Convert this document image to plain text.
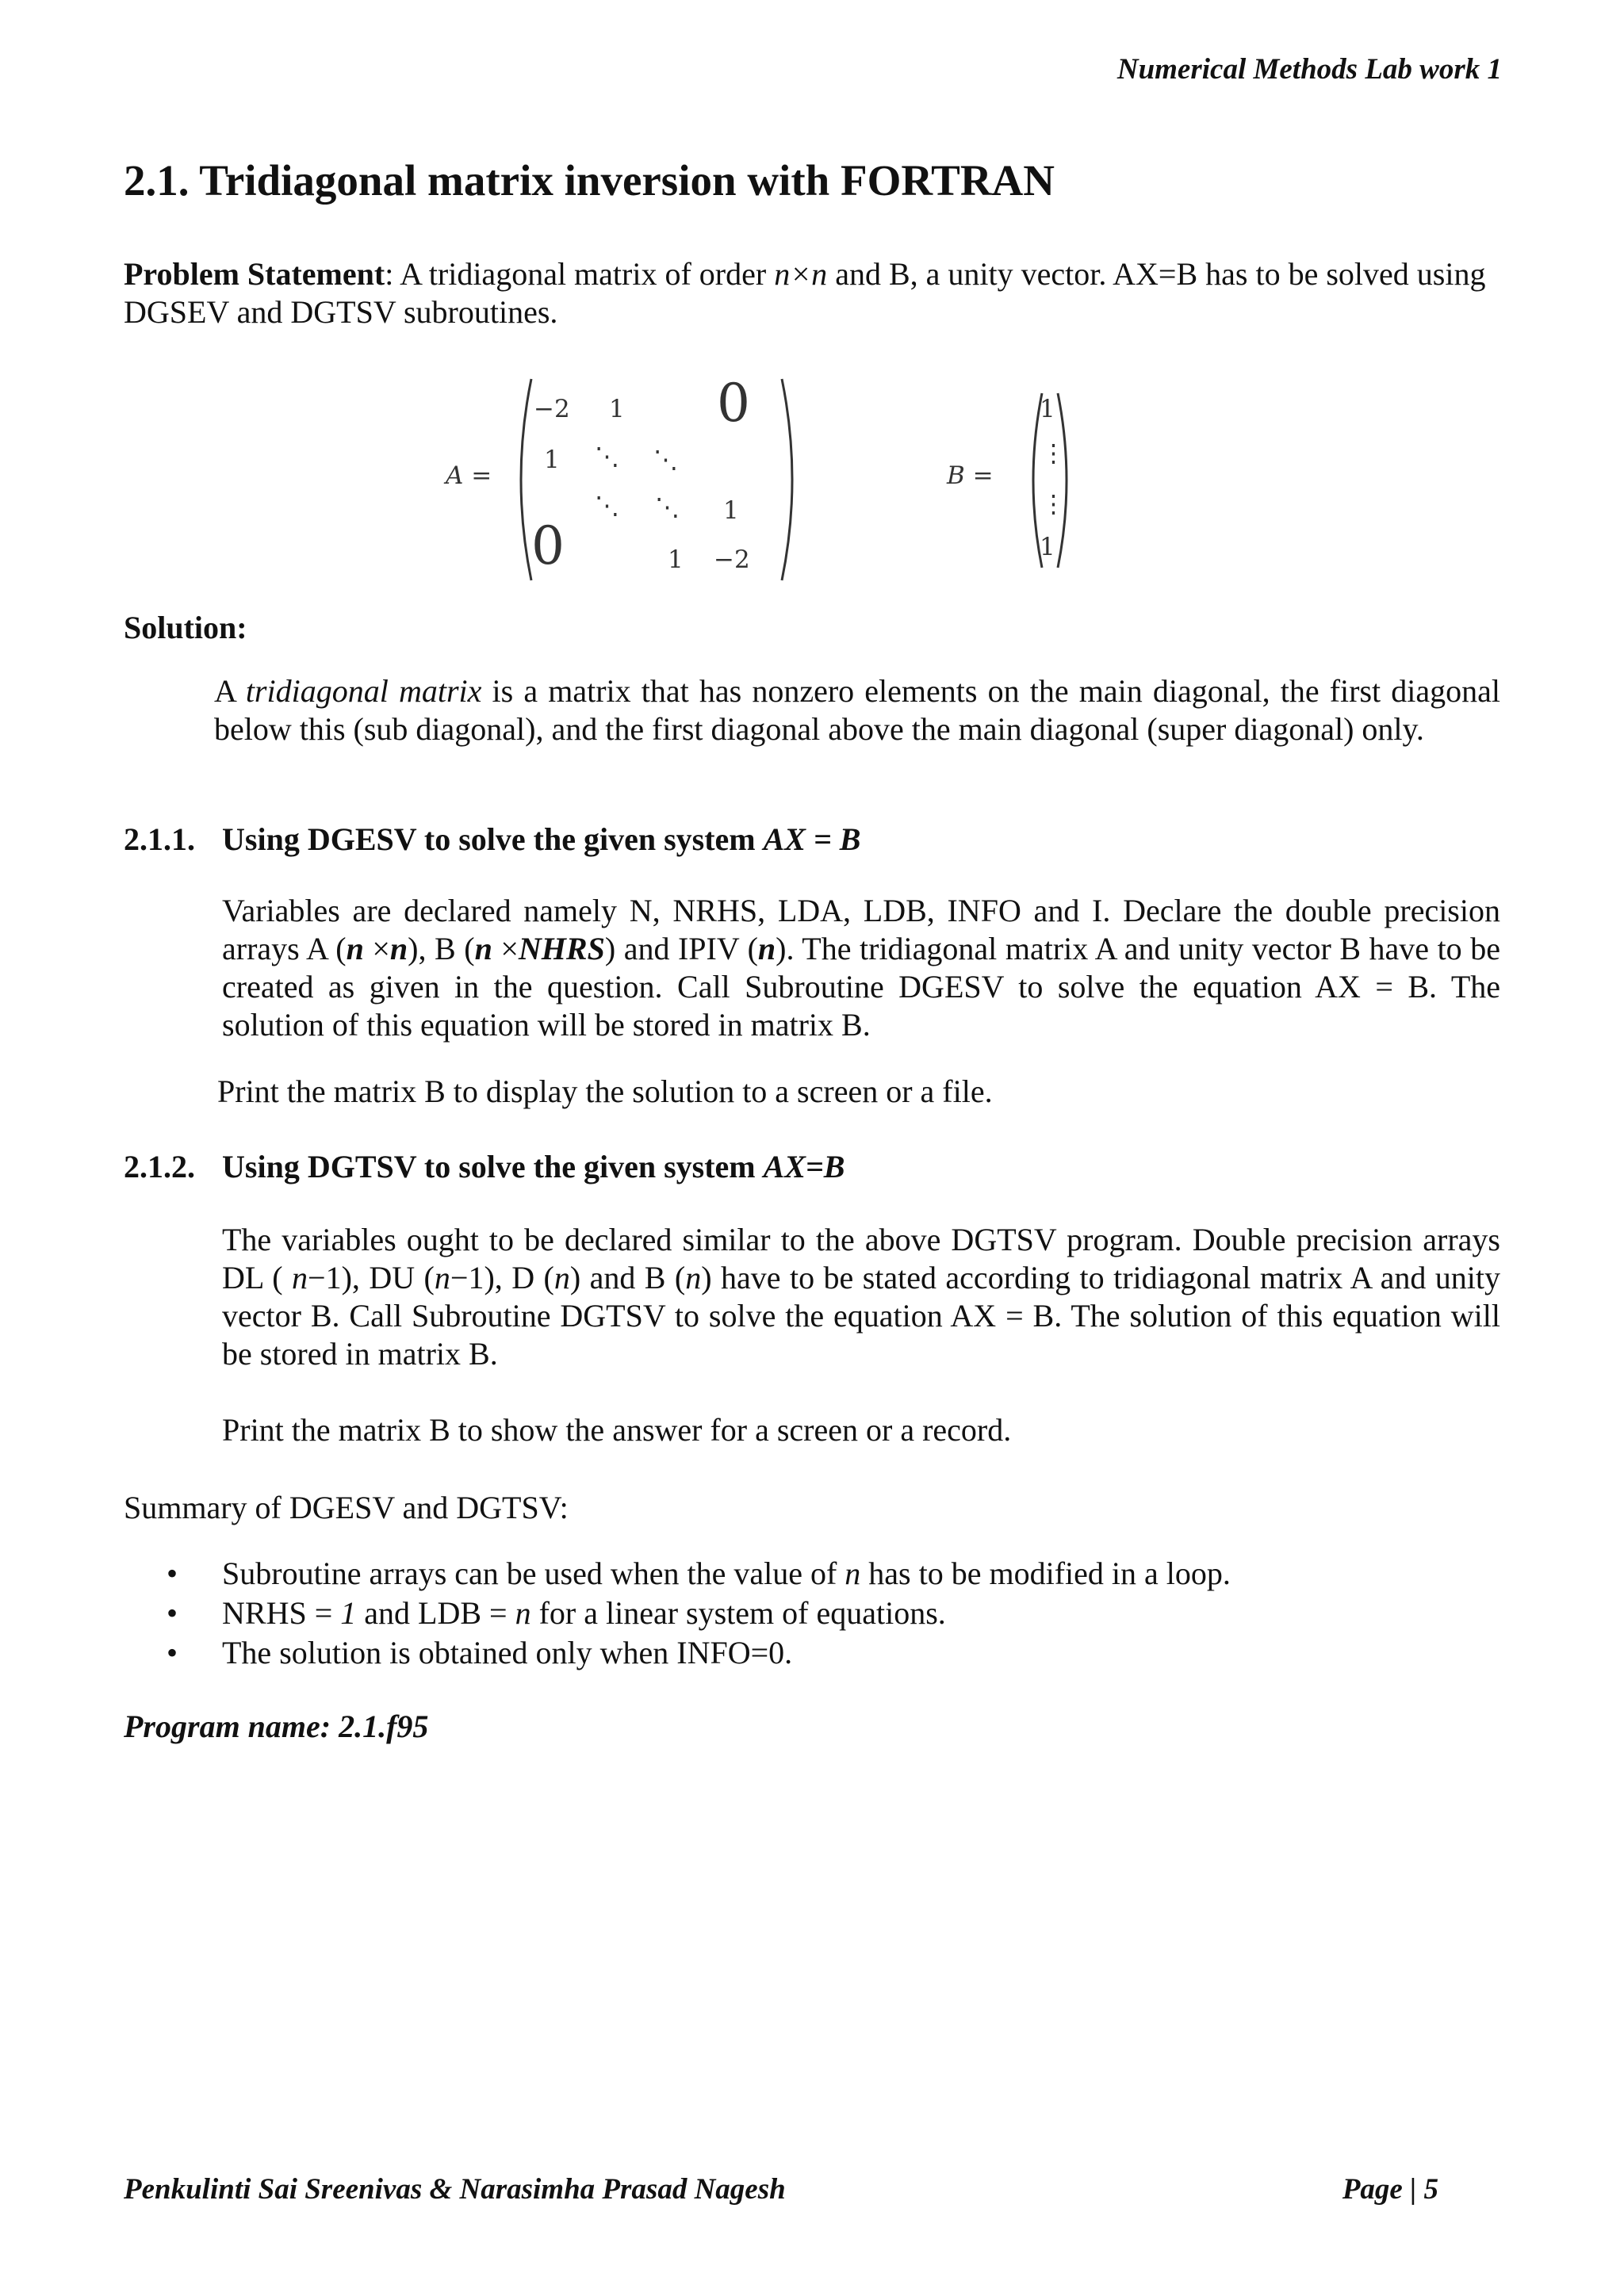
Numerical Methods Lab work 1
2.1. Tridiagonal matrix inversion with FORTRAN
Problem Statement: A tridiagonal matrix of order n×n and B, a unity vector. AX=B has to be solved using DGSEV and DGTSV subroutines.
A =
−2 1 0
1 ⋱ ⋱
⋱ ⋱ 1
0	1 −2
B =
1
⋮
⋮
1
Solution:
A tridiagonal matrix is a matrix that has nonzero elements on the main diagonal, the first diagonal below this (sub diagonal), and the first diagonal above the main diagonal (super diagonal) only.
2.1.1. Using DGESV to solve the given system AX = B
Variables are declared namely N, NRHS, LDA, LDB, INFO and I. Declare the double precision arrays A (n ×n), B (n ×NHRS) and IPIV (n). The tridiagonal matrix A and unity vector B have to be created as given in the question. Call Subroutine DGESV to solve the equation AX = B. The solution of this equation will be stored in matrix B.
Print the matrix B to display the solution to a screen or a file.
2.1.2. Using DGTSV to solve the given system AX=B
The variables ought to be declared similar to the above DGTSV program. Double precision arrays DL ( n−1), DU (n−1), D (n) and B (n) have to be stated according to tridiagonal matrix A and unity vector B. Call Subroutine DGTSV to solve the equation AX = B. The solution of this equation will be stored in matrix B.
Print the matrix B to show the answer for a screen or a record.
Summary of DGESV and DGTSV:
• Subroutine arrays can be used when the value of n has to be modified in a loop.
• NRHS = 1 and LDB = n for a linear system of equations.
• The solution is obtained only when INFO=0.
Program name: 2.1.f95
Penkulinti Sai Sreenivas & Narasimha Prasad Nagesh	Page | 5
